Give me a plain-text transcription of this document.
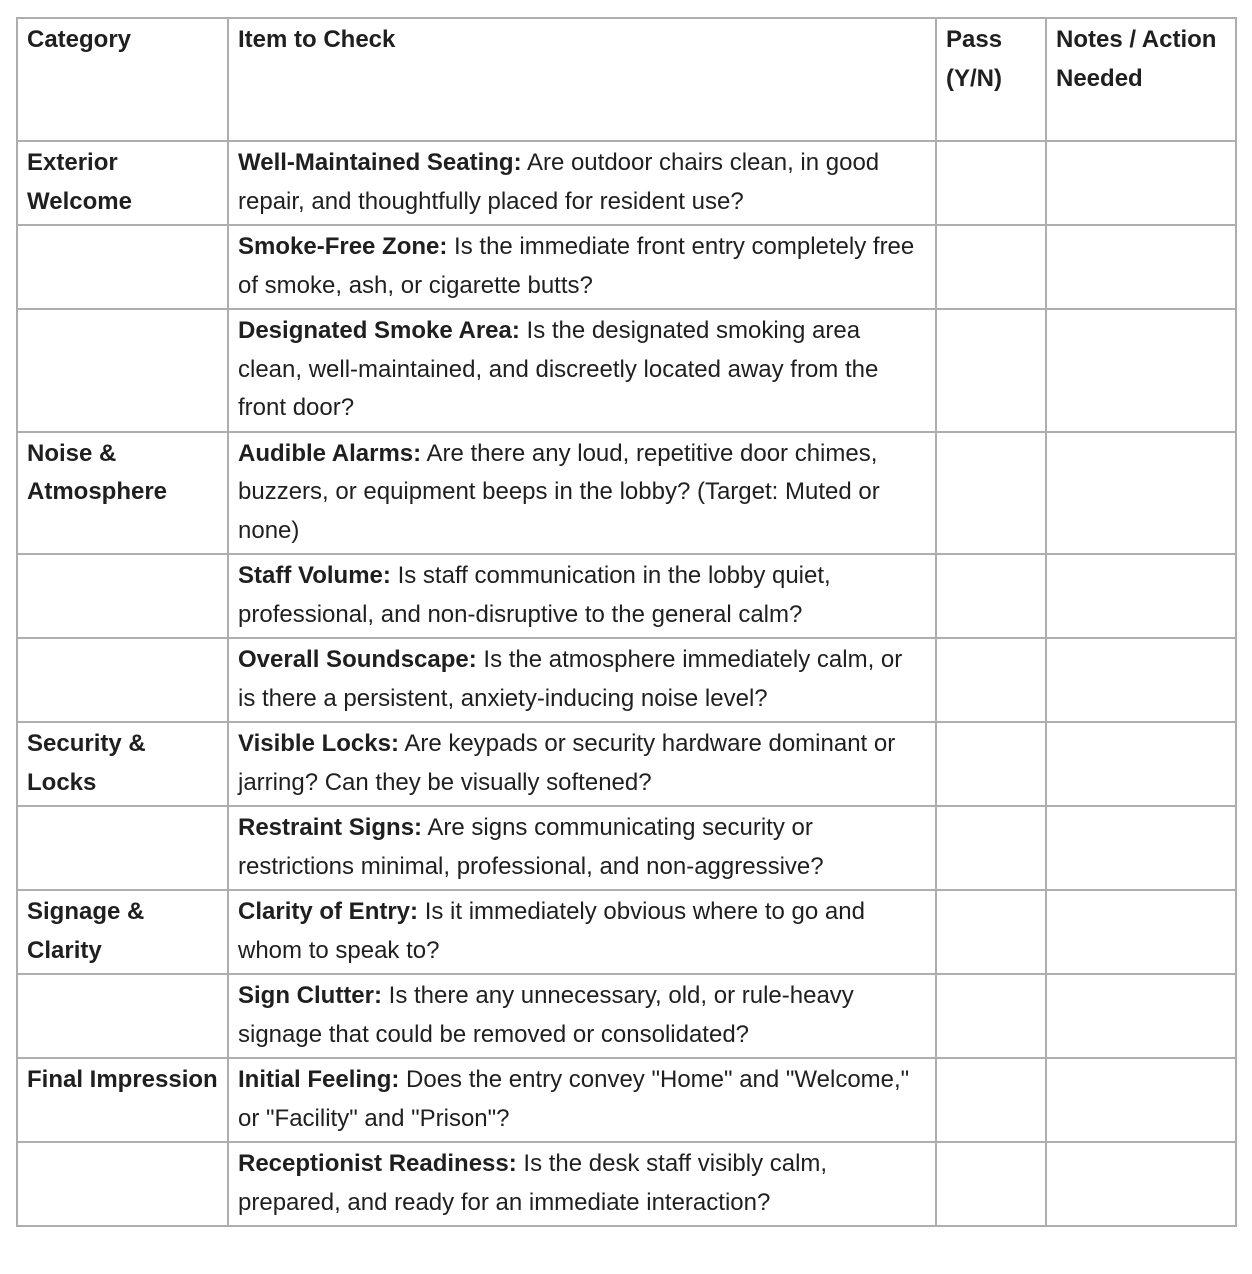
Category	Item to Check	Pass (Y/N)	Notes / Action Needed
Exterior Welcome	Well-Maintained Seating: Are outdoor chairs clean, in good repair, and thoughtfully placed for resident use?		
	Smoke-Free Zone: Is the immediate front entry completely free of smoke, ash, or cigarette butts?		
	Designated Smoke Area: Is the designated smoking area clean, well-maintained, and discreetly located away from the front door?		
Noise & Atmosphere	Audible Alarms: Are there any loud, repetitive door chimes, buzzers, or equipment beeps in the lobby? (Target: Muted or none)		
	Staff Volume: Is staff communication in the lobby quiet, professional, and non-disruptive to the general calm?		
	Overall Soundscape: Is the atmosphere immediately calm, or is there a persistent, anxiety-inducing noise level?		
Security & Locks	Visible Locks: Are keypads or security hardware dominant or jarring? Can they be visually softened?		
	Restraint Signs: Are signs communicating security or restrictions minimal, professional, and non-aggressive?		
Signage & Clarity	Clarity of Entry: Is it immediately obvious where to go and whom to speak to?		
	Sign Clutter: Is there any unnecessary, old, or rule-heavy signage that could be removed or consolidated?		
Final Impression	Initial Feeling: Does the entry convey "Home" and "Welcome," or "Facility" and "Prison"?		
	Receptionist Readiness: Is the desk staff visibly calm, prepared, and ready for an immediate interaction?		
